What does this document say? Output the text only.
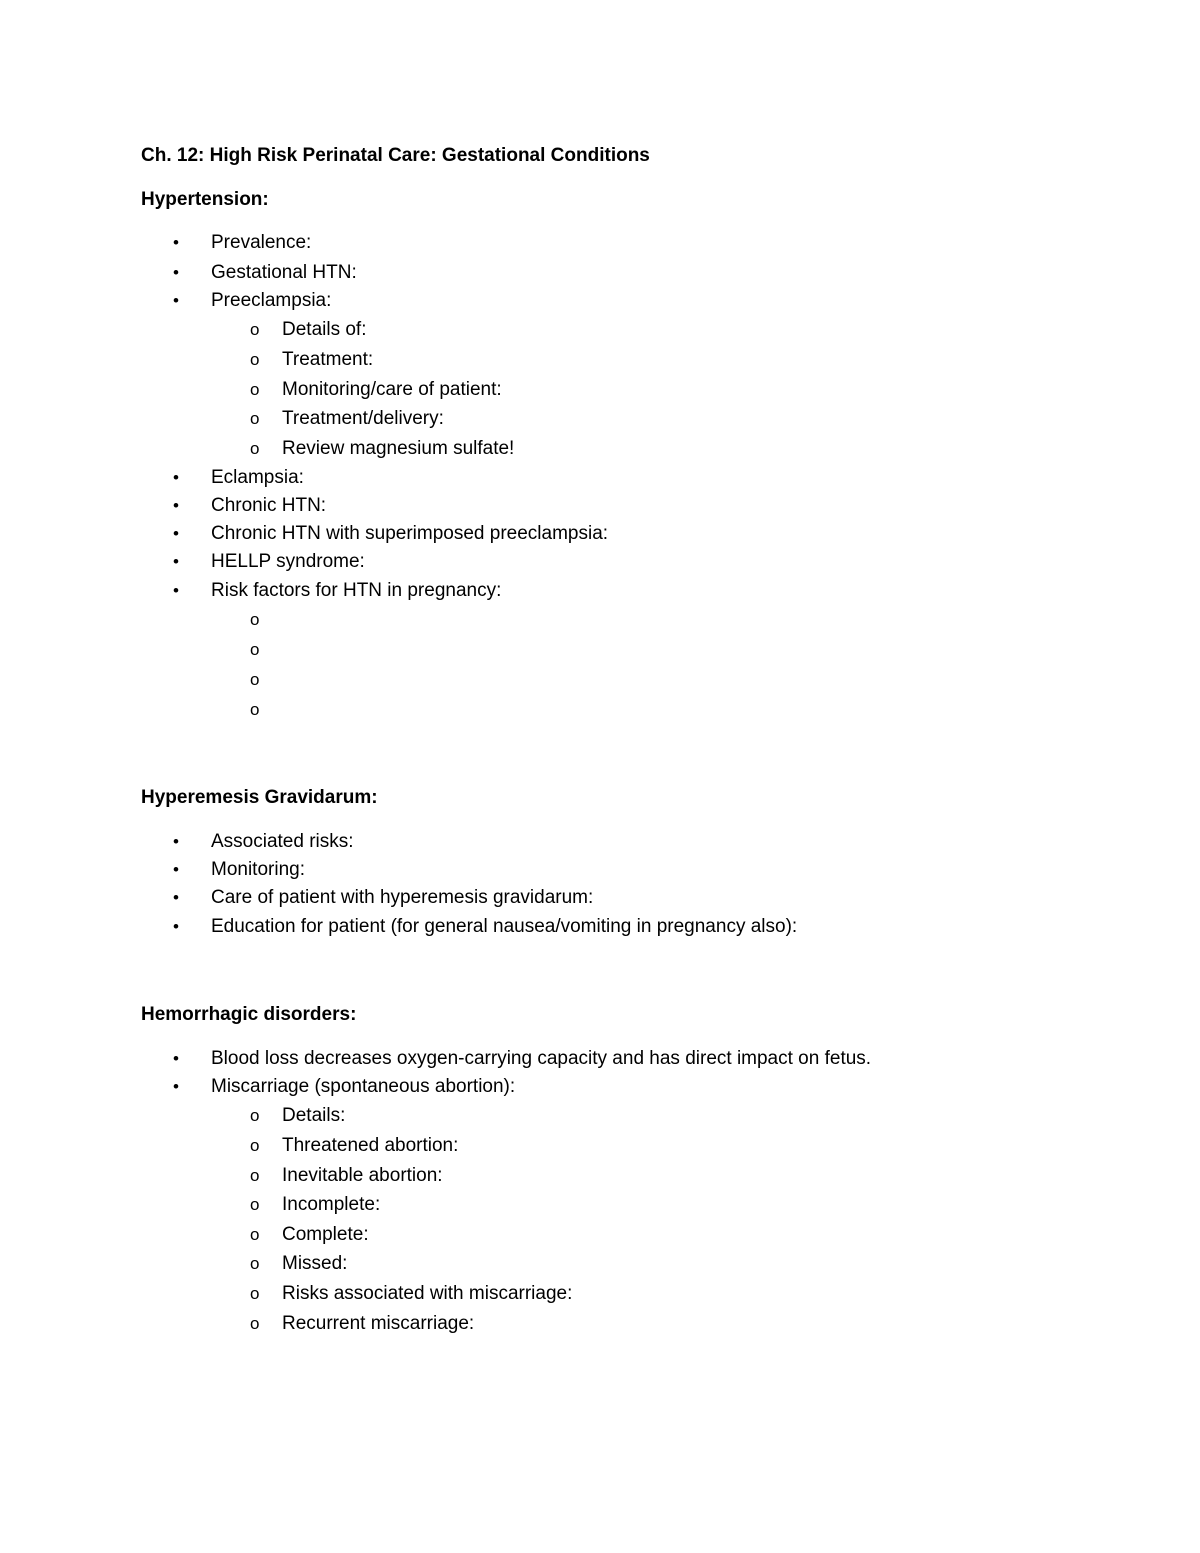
Ch. 12: High Risk Perinatal Care: Gestational Conditions
Hypertension:
• Prevalence:
• Gestational HTN:
• Preeclampsia:
o Details of:
o Treatment:
o Monitoring/care of patient:
o Treatment/delivery:
o Review magnesium sulfate!
• Eclampsia:
• Chronic HTN:
• Chronic HTN with superimposed preeclampsia:
• HELLP syndrome:
• Risk factors for HTN in pregnancy:
o
o
o
o
Hyperemesis Gravidarum:
• Associated risks:
• Monitoring:
• Care of patient with hyperemesis gravidarum:
• Education for patient (for general nausea/vomiting in pregnancy also):
Hemorrhagic disorders:
• Blood loss decreases oxygen-carrying capacity and has direct impact on fetus.
• Miscarriage (spontaneous abortion):
o Details:
o Threatened abortion:
o Inevitable abortion:
o Incomplete:
o Complete:
o Missed:
o Risks associated with miscarriage:
o Recurrent miscarriage:
